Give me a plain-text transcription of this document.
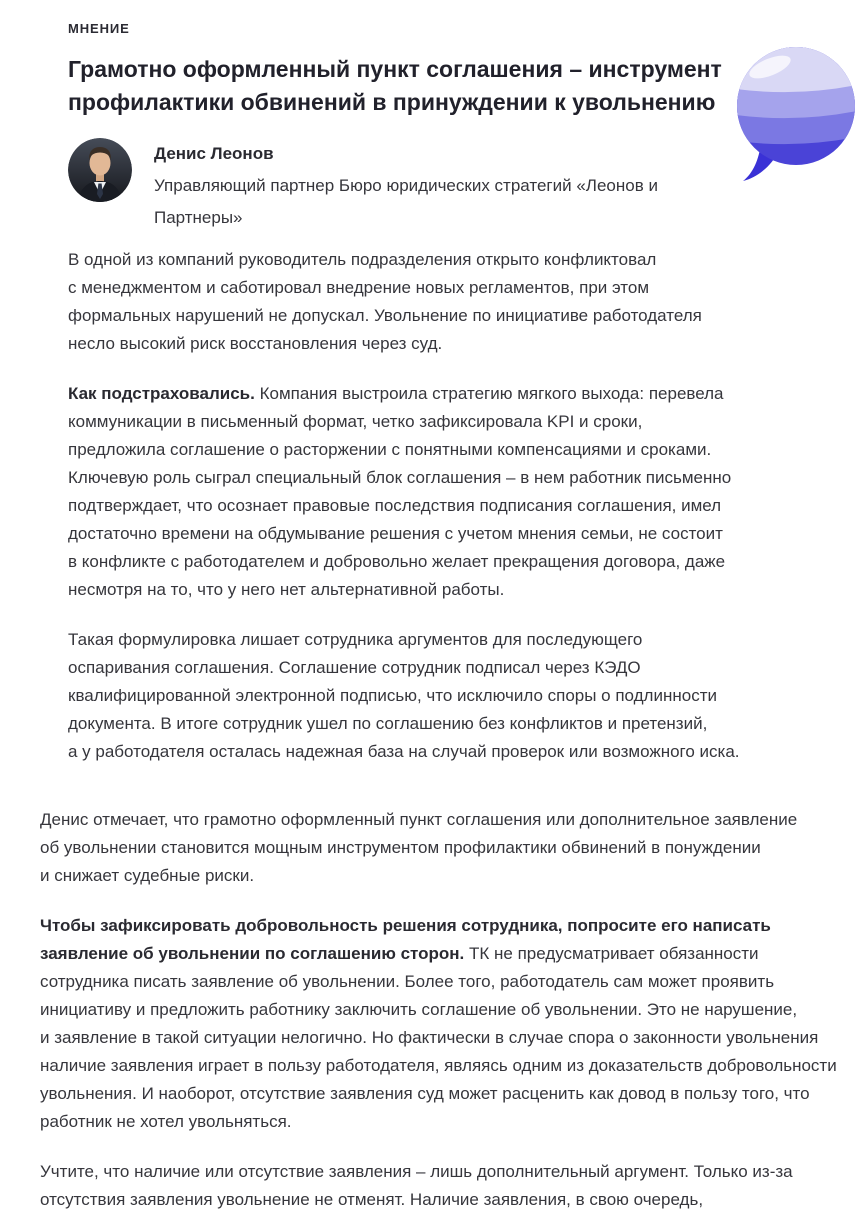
МНЕНИЕ
Грамотно оформленный пункт соглашения – инструмент профилактики обвинений в принуждении к увольнению
Денис Леонов
Управляющий партнер Бюро юридических стратегий «Леонов и Партнеры»

В одной из компаний руководитель подразделения открыто конфликтовал с менеджментом и саботировал внедрение новых регламентов, при этом формальных нарушений не допускал. Увольнение по инициативе работодателя несло высокий риск восстановления через суд.

Как подстраховались. Компания выстроила стратегию мягкого выхода: перевела коммуникации в письменный формат, четко зафиксировала KPI и сроки, предложила соглашение о расторжении с понятными компенсациями и сроками. Ключевую роль сыграл специальный блок соглашения – в нем работник письменно подтверждает, что осознает правовые последствия подписания соглашения, имел достаточно времени на обдумывание решения с учетом мнения семьи, не состоит в конфликте с работодателем и добровольно желает прекращения договора, даже несмотря на то, что у него нет альтернативной работы.

Такая формулировка лишает сотрудника аргументов для последующего оспаривания соглашения. Соглашение сотрудник подписал через КЭДО квалифицированной электронной подписью, что исключило споры о подлинности документа. В итоге сотрудник ушел по соглашению без конфликтов и претензий, а у работодателя осталась надежная база на случай проверок или возможного иска.

Денис отмечает, что грамотно оформленный пункт соглашения или дополнительное заявление об увольнении становится мощным инструментом профилактики обвинений в понуждении и снижает судебные риски.

Чтобы зафиксировать добровольность решения сотрудника, попросите его написать заявление об увольнении по соглашению сторон. ТК не предусматривает обязанности сотрудника писать заявление об увольнении. Более того, работодатель сам может проявить инициативу и предложить работнику заключить соглашение об увольнении. Это не нарушение, и заявление в такой ситуации нелогично. Но фактически в случае спора о законности увольнения наличие заявления играет в пользу работодателя, являясь одним из доказательств добровольности увольнения. И наоборот, отсутствие заявления суд может расценить как довод в пользу того, что работник не хотел увольняться.

Учтите, что наличие или отсутствие заявления – лишь дополнительный аргумент. Только из-за отсутствия заявления увольнение не отменят. Наличие заявления, в свою очередь,
